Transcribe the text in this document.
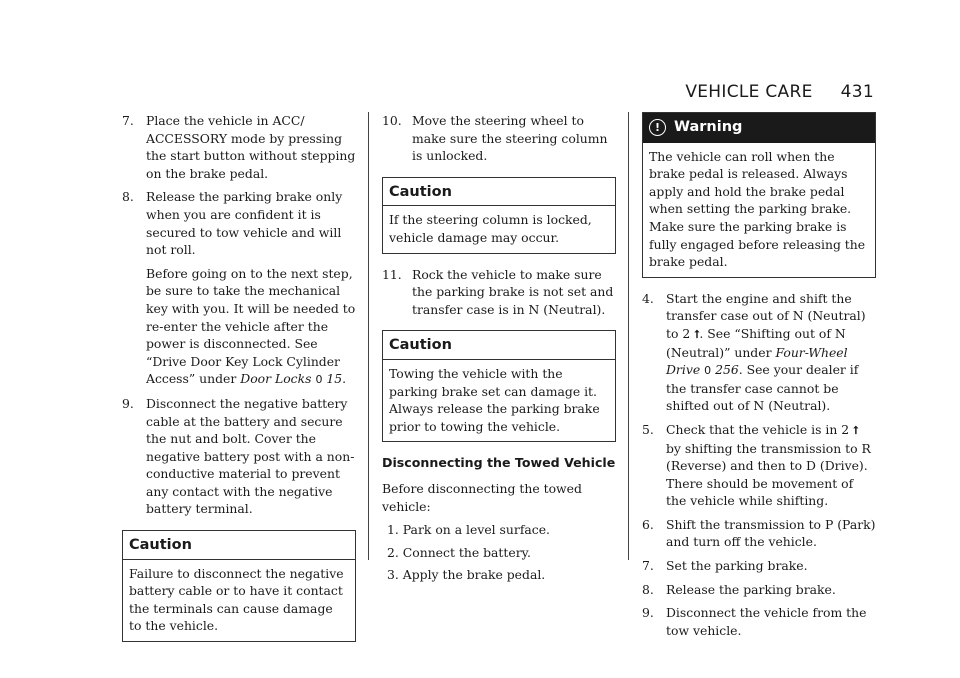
VEHICLE CARE 431
7. Place the vehicle in ACC/ ACCESSORY mode by pressing the start button without stepping on the brake pedal.
8. Release the parking brake only when you are confident it is secured to tow vehicle and will not roll.
Before going on to the next step, be sure to take the mechanical key with you. It will be needed to re-enter the vehicle after the power is disconnected. See “Drive Door Key Lock Cylinder Access” under Door Locks 0 15.
9. Disconnect the negative battery cable at the battery and secure the nut and bolt. Cover the negative battery post with a non-conductive material to prevent any contact with the negative battery terminal.
Caution
Failure to disconnect the negative battery cable or to have it contact the terminals can cause damage to the vehicle.
10. Move the steering wheel to make sure the steering column is unlocked.
Caution
If the steering column is locked, vehicle damage may occur.
11. Rock the vehicle to make sure the parking brake is not set and transfer case is in N (Neutral).
Caution
Towing the vehicle with the parking brake set can damage it. Always release the parking brake prior to towing the vehicle.
Disconnecting the Towed Vehicle
Before disconnecting the towed vehicle:
1. Park on a level surface.
2. Connect the battery.
3. Apply the brake pedal.
! Warning
The vehicle can roll when the brake pedal is released. Always apply and hold the brake pedal when setting the parking brake. Make sure the parking brake is fully engaged before releasing the brake pedal.
4. Start the engine and shift the transfer case out of N (Neutral) to 2 ⭡. See “Shifting out of N (Neutral)” under Four-Wheel Drive 0 256. See your dealer if the transfer case cannot be shifted out of N (Neutral).
5. Check that the vehicle is in 2 ⭡ by shifting the transmission to R (Reverse) and then to D (Drive). There should be movement of the vehicle while shifting.
6. Shift the transmission to P (Park) and turn off the vehicle.
7. Set the parking brake.
8. Release the parking brake.
9. Disconnect the vehicle from the tow vehicle.
